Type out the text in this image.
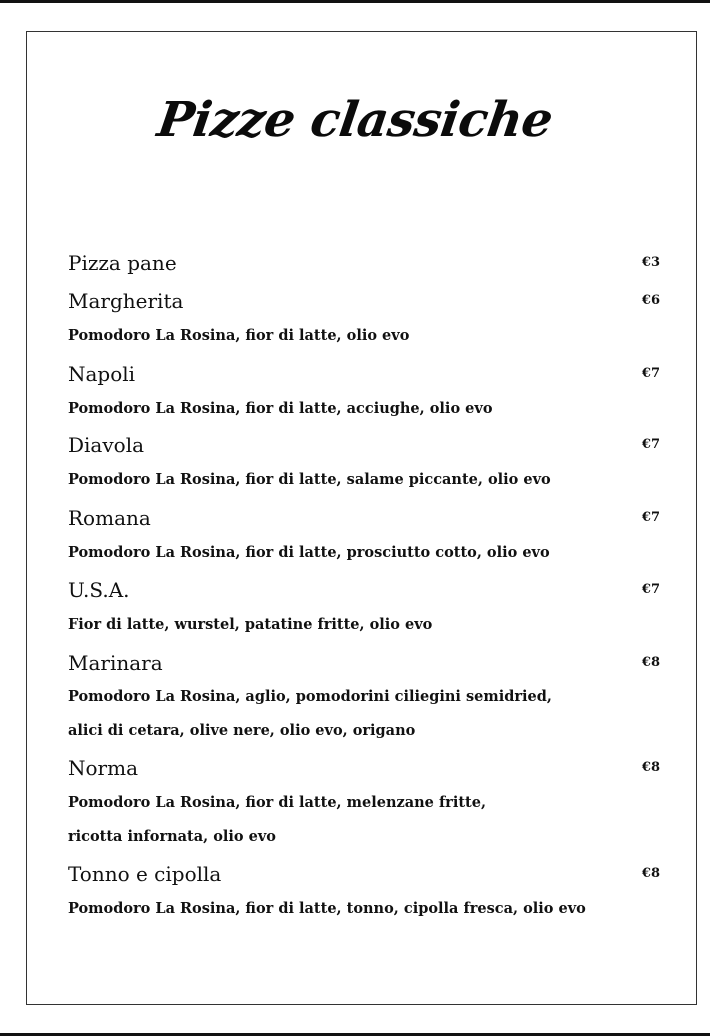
Pizze classiche
Pizza pane	€3
Margherita	€6
Pomodoro La Rosina, fior di latte, olio evo
Napoli	€7
Pomodoro La Rosina, fior di latte, acciughe, olio evo
Diavola	€7
Pomodoro La Rosina, fior di latte, salame piccante, olio evo
Romana	€7
Pomodoro La Rosina, fior di latte, prosciutto cotto, olio evo
U.S.A.	€7
Fior di latte, wurstel, patatine fritte, olio evo
Marinara	€8
Pomodoro La Rosina, aglio, pomodorini ciliegini semidried,
alici di cetara, olive nere, olio evo, origano
Norma	€8
Pomodoro La Rosina, fior di latte, melenzane fritte,
ricotta infornata, olio evo
Tonno e cipolla	€8
Pomodoro La Rosina, fior di latte, tonno, cipolla fresca, olio evo
